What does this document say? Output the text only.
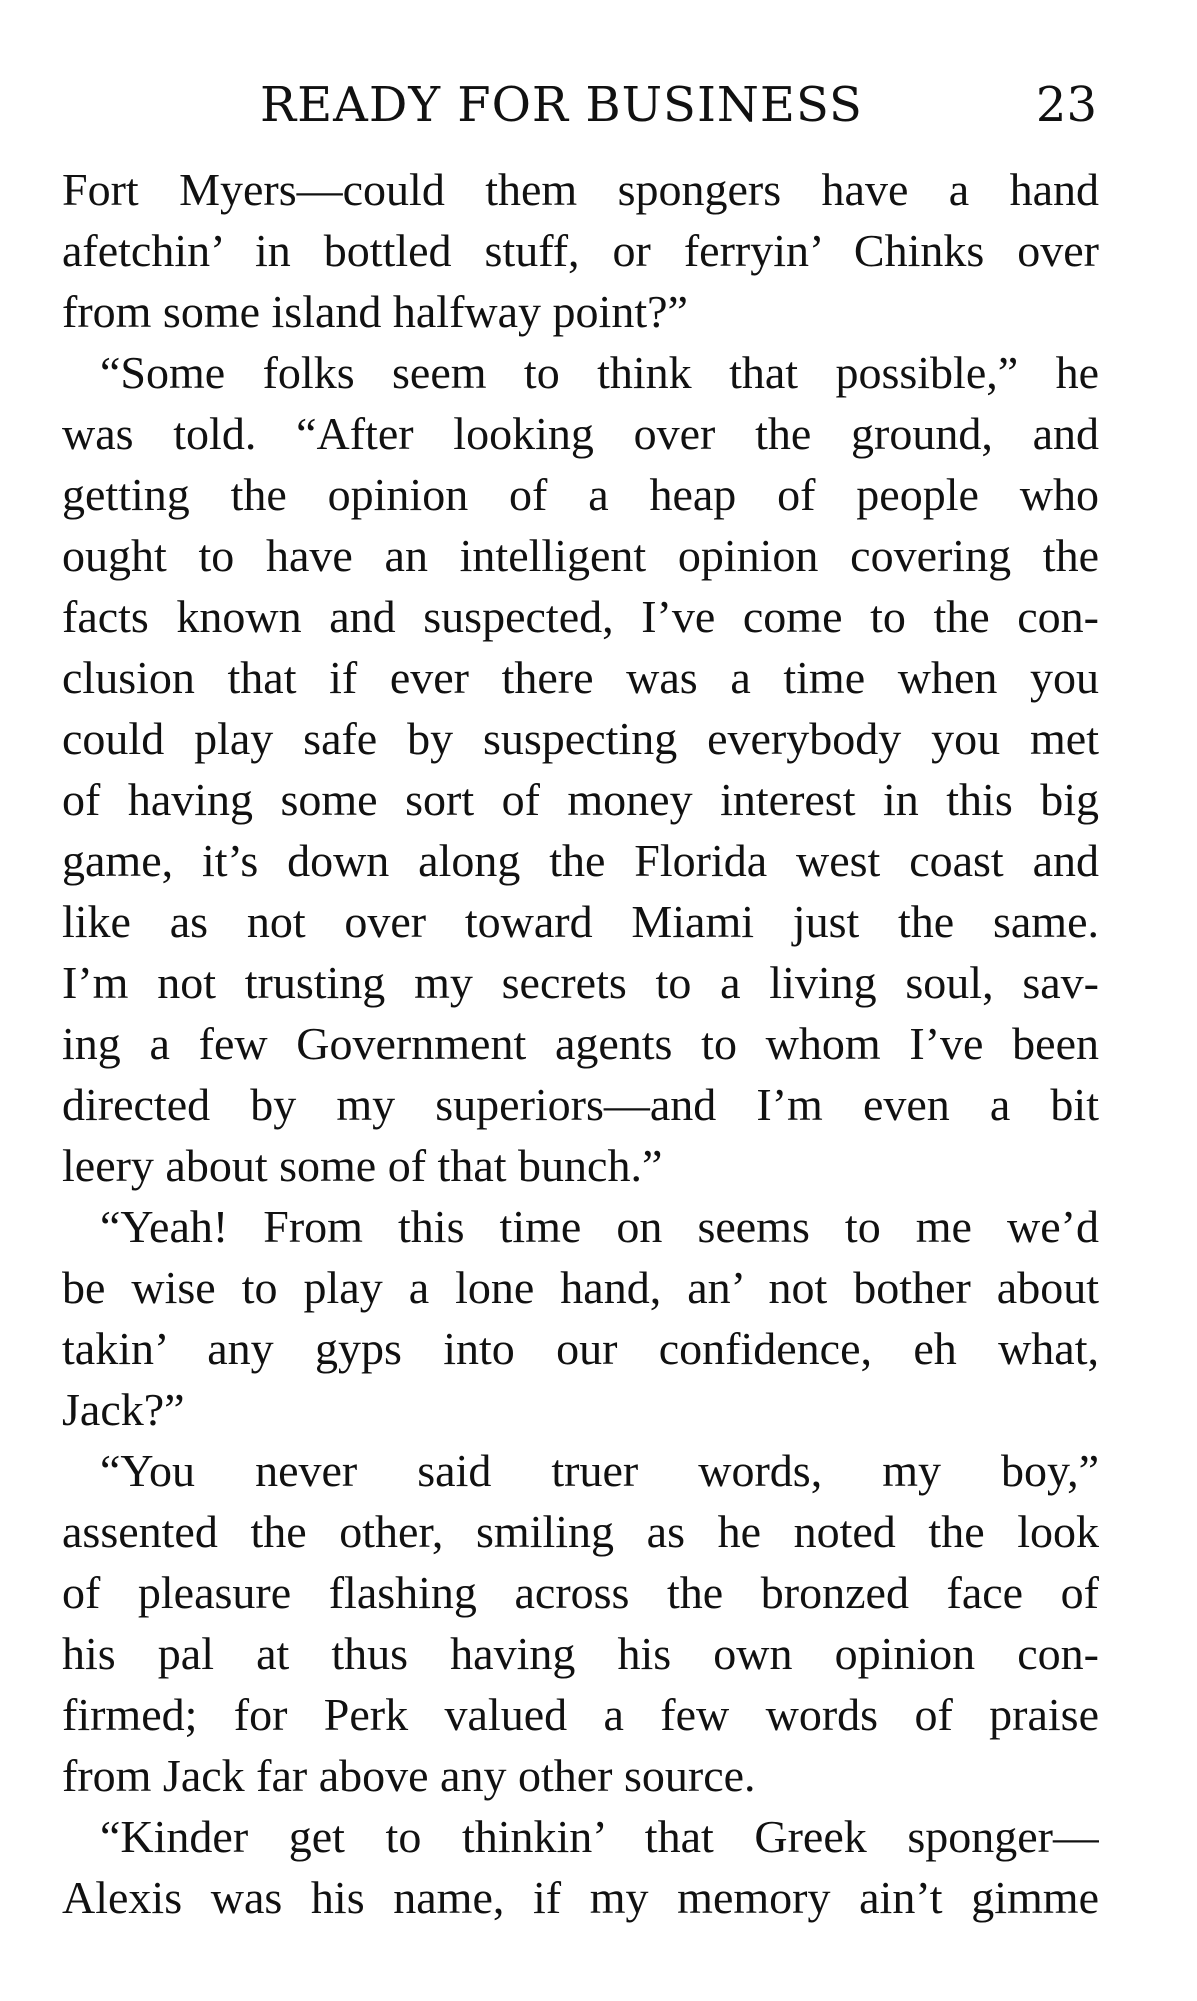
READY FOR BUSINESS	23
Fort Myers—could them spongers have a hand
afetchin’ in bottled stuff, or ferryin’ Chinks over
from some island halfway point?”
“Some folks seem to think that possible,” he
was told. “After looking over the ground, and
getting the opinion of a heap of people who
ought to have an intelligent opinion covering the
facts known and suspected, I’ve come to the con-
clusion that if ever there was a time when you
could play safe by suspecting everybody you met
of having some sort of money interest in this big
game, it’s down along the Florida west coast and
like as not over toward Miami just the same.
I’m not trusting my secrets to a living soul, sav-
ing a few Government agents to whom I’ve been
directed by my superiors—and I’m even a bit
leery about some of that bunch.”
“Yeah! From this time on seems to me we’d
be wise to play a lone hand, an’ not bother about
takin’ any gyps into our confidence, eh what,
Jack?”
“You never said truer words, my boy,”
assented the other, smiling as he noted the look
of pleasure flashing across the bronzed face of
his pal at thus having his own opinion con-
firmed; for Perk valued a few words of praise
from Jack far above any other source.
“Kinder get to thinkin’ that Greek sponger—
Alexis was his name, if my memory ain’t gimme
